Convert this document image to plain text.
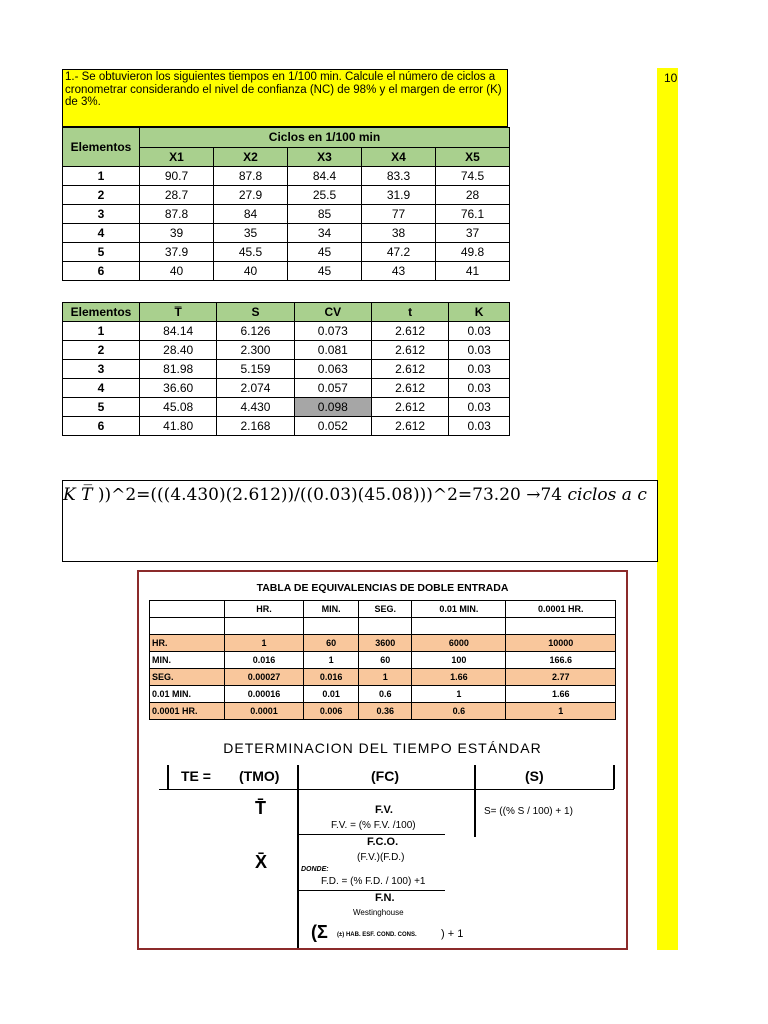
10
1.- Se obtuvieron los siguientes tiempos en 1/100 min. Calcule el número de ciclos a cronometrar considerando el nivel de confianza (NC) de 98% y el margen de error (K) de 3%.
Elementos	Ciclos en 1/100 min				
	X1	X2	X3	X4	X5
1	90.7	87.8	84.4	83.3	74.5
2	28.7	27.9	25.5	31.9	28
3	87.8	84	85	77	76.1
4	39	35	34	38	37
5	37.9	45.5	45	47.2	49.8
6	40	40	45	43	41
Elementos	T̅	S	CV	t	K
1	84.14	6.126	0.073	2.612	0.03
2	28.40	2.300	0.081	2.612	0.03
3	81.98	5.159	0.063	2.612	0.03
4	36.60	2.074	0.057	2.612	0.03
5	45.08	4.430	0.098	2.612	0.03
6	41.80	2.168	0.052	2.612	0.03
𝐾 𝑇̅ ))^2=(((4.430)(2.612))/((0.03)(45.08)))^2=73.20 →74 ciclos a c
TABLA DE EQUIVALENCIAS DE DOBLE ENTRADA
	HR.	MIN.	SEG.	0.01 MIN.	0.0001 HR.

HR.	1	60	3600	6000	10000
MIN.	0.016	1	60	100	166.6
SEG.	0.00027	0.016	1	1.66	2.77
0.01 MIN.	0.00016	0.01	0.6	1	1.66
0.0001 HR.	0.0001	0.006	0.36	0.6	1
DETERMINACION DEL TIEMPO ESTÁNDAR
TE = (TMO)	(FC)	(S)
T̄
X̄
F.V.
F.V. = (% F.V. /100)
S= ((% S / 100) + 1)
F.C.O.
(F.V.)(F.D.)
DONDE:
F.D. = (% F.D. / 100) +1
F.N.
Westinghouse
(Σ (±) HAB. ESF. COND. CONS. ) + 1
